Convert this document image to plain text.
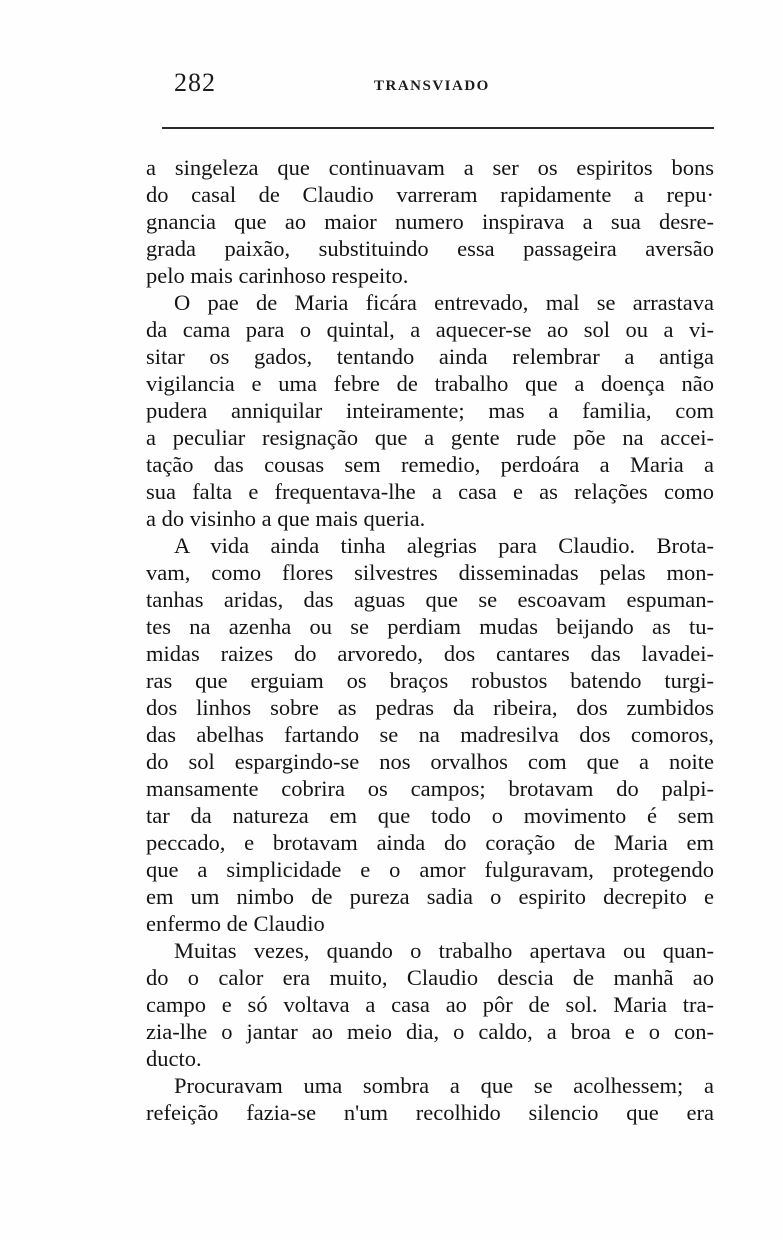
282	TRANSVIADO
a singeleza que continuavam a ser os espiritos bons
do casal de Claudio varreram rapidamente a repu·
gnancia que ao maior numero inspirava a sua desre-
grada paixão, substituindo essa passageira aversão
pelo mais carinhoso respeito.
O pae de Maria ficára entrevado, mal se arrastava
da cama para o quintal, a aquecer-se ao sol ou a vi-
sitar os gados, tentando ainda relembrar a antiga
vigilancia e uma febre de trabalho que a doença não
pudera anniquilar inteiramente; mas a familia, com
a peculiar resignação que a gente rude põe na accei-
tação das cousas sem remedio, perdoára a Maria a
sua falta e frequentava-lhe a casa e as relações como
a do visinho a que mais queria.
A vida ainda tinha alegrias para Claudio. Brota-
vam, como flores silvestres disseminadas pelas mon-
tanhas aridas, das aguas que se escoavam espuman-
tes na azenha ou se perdiam mudas beijando as tu-
midas raizes do arvoredo, dos cantares das lavadei-
ras que erguiam os braços robustos batendo turgi-
dos linhos sobre as pedras da ribeira, dos zumbidos
das abelhas fartando se na madresilva dos comoros,
do sol espargindo-se nos orvalhos com que a noite
mansamente cobrira os campos; brotavam do palpi-
tar da natureza em que todo o movimento é sem
peccado, e brotavam ainda do coração de Maria em
que a simplicidade e o amor fulguravam, protegendo
em um nimbo de pureza sadia o espirito decrepito e
enfermo de Claudio
Muitas vezes, quando o trabalho apertava ou quan-
do o calor era muito, Claudio descia de manhã ao
campo e só voltava a casa ao pôr de sol. Maria tra-
zia-lhe o jantar ao meio dia, o caldo, a broa e o con-
ducto.
Procuravam uma sombra a que se acolhessem; a
refeição fazia-se n'um recolhido silencio que era
